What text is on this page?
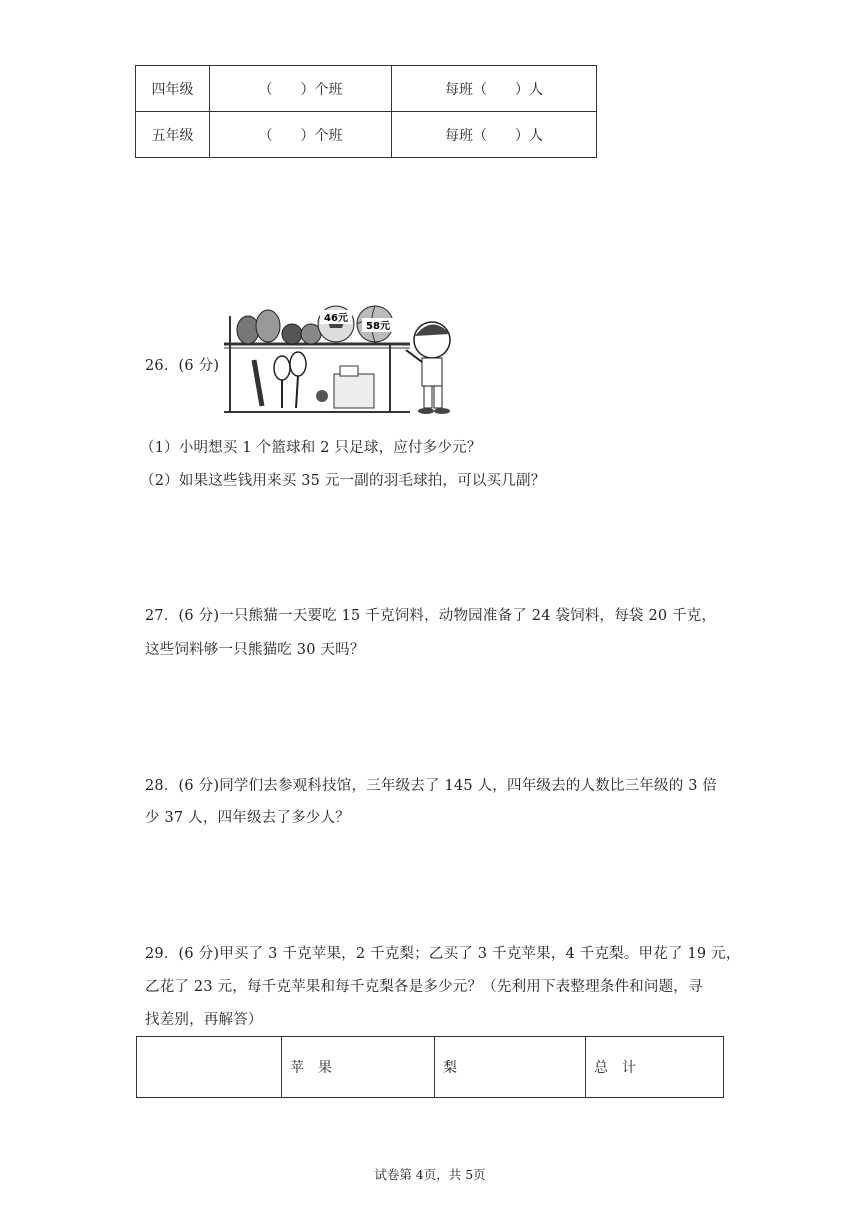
四年级	（　　）个班	每班（　　）人
五年级	（　　）个班	每班（　　）人
26．(6 分)
46元
58元
（1）小明想买 1 个篮球和 2 只足球，应付多少元？
（2）如果这些钱用来买 35 元一副的羽毛球拍，可以买几副？
27．(6 分)一只熊猫一天要吃 15 千克饲料，动物园准备了 24 袋饲料，每袋 20 千克，
这些饲料够一只熊猫吃 30 天吗？
28．(6 分)同学们去参观科技馆，三年级去了 145 人，四年级去的人数比三年级的 3 倍
少 37 人，四年级去了多少人？
29．(6 分)甲买了 3 千克苹果，2 千克梨；乙买了 3 千克苹果，4 千克梨。甲花了 19 元，
乙花了 23 元，每千克苹果和每千克梨各是多少元？（先利用下表整理条件和问题，寻
找差别，再解答）
	苹　果	梨	总　计
试卷第 4页，共 5页
